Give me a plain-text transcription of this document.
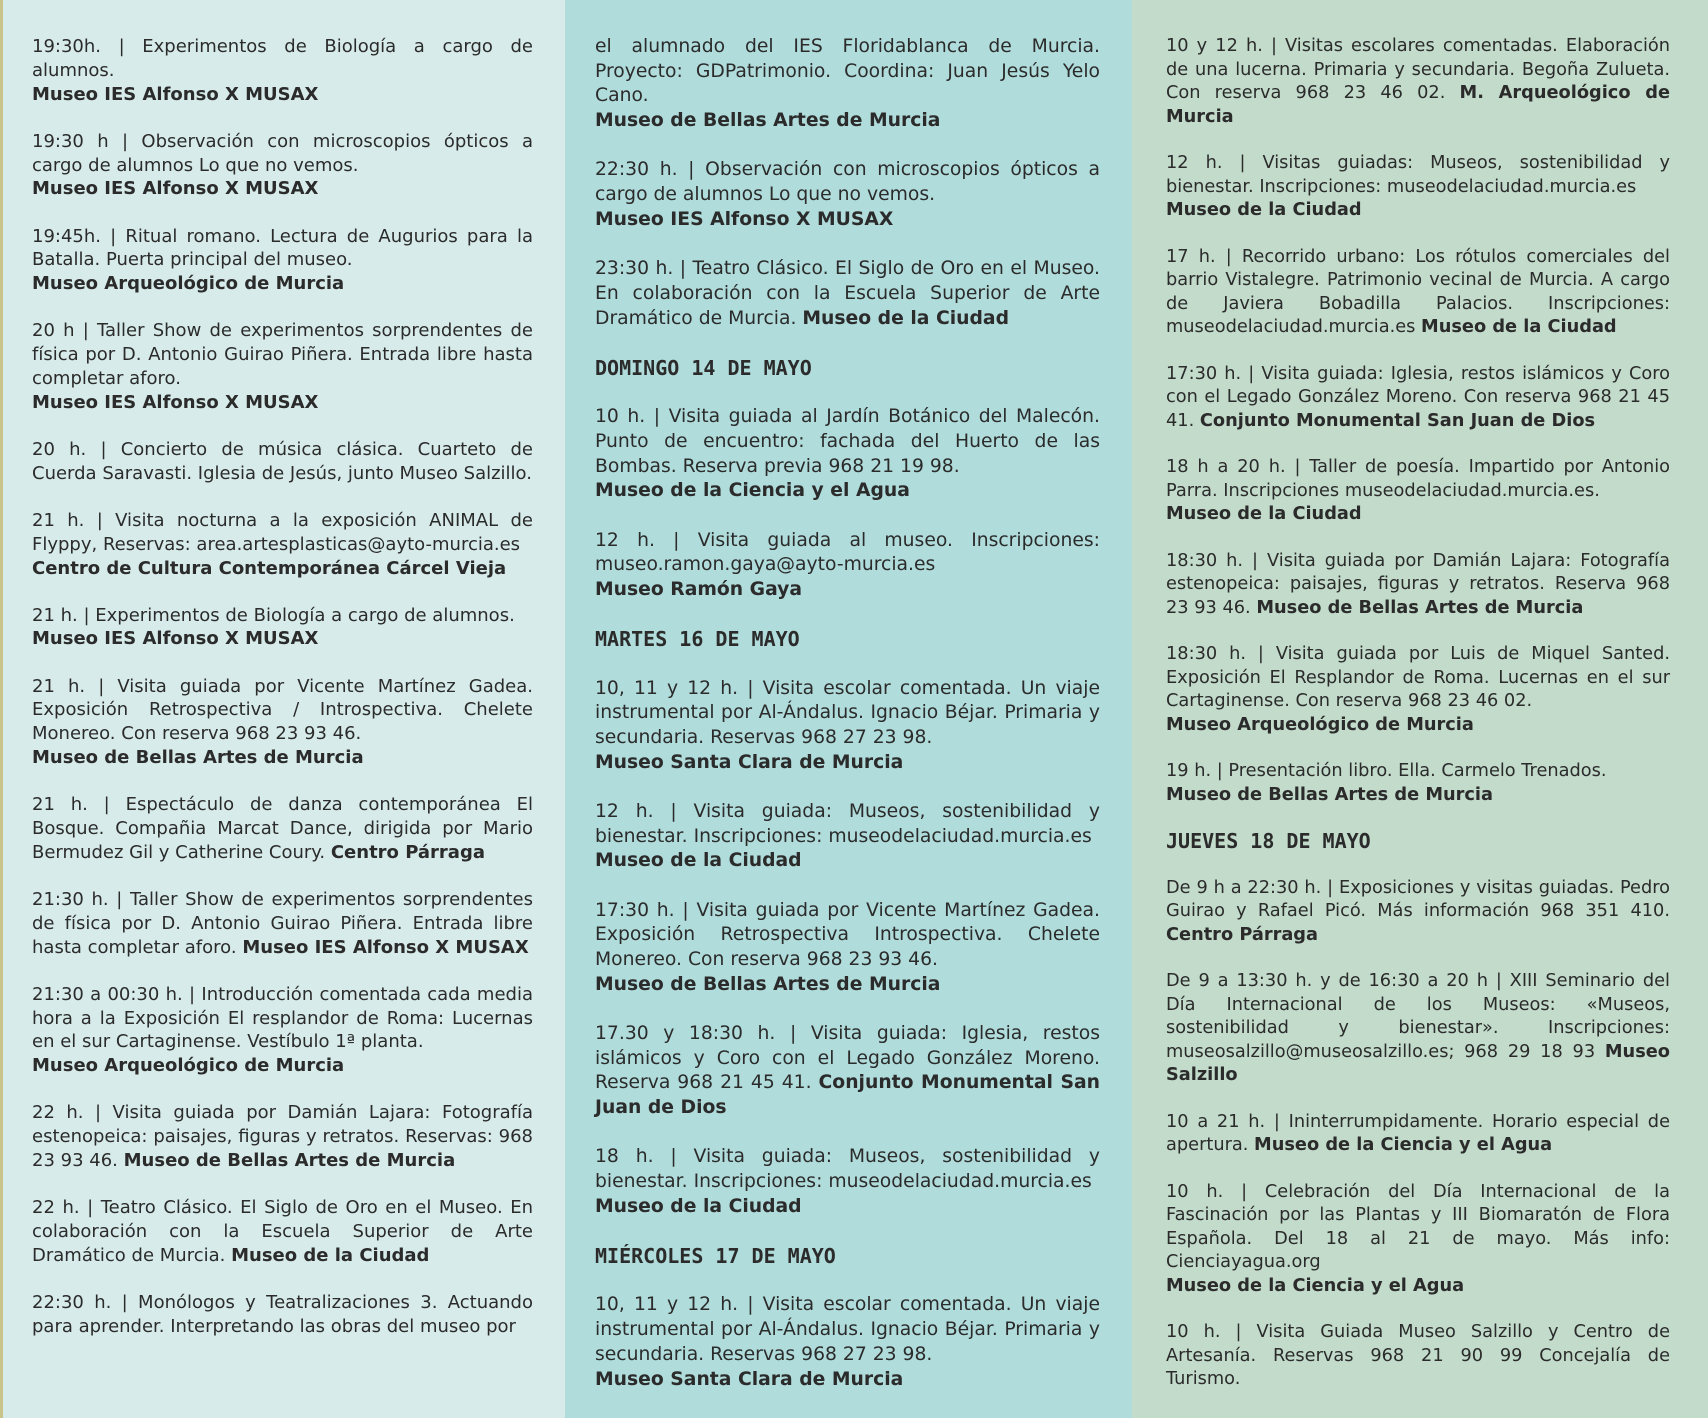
19:30h. | Experimentos de Biología a cargo de alumnos.
Museo IES Alfonso X MUSAX

19:30 h | Observación con microscopios ópticos a cargo de alumnos Lo que no vemos.
Museo IES Alfonso X MUSAX

19:45h. | Ritual romano. Lectura de Augurios para la Batalla. Puerta principal del museo.
Museo Arqueológico de Murcia

20 h | Taller Show de experimentos sorprendentes de física por D. Antonio Guirao Piñera. Entrada libre hasta completar aforo.
Museo IES Alfonso X MUSAX

20 h. | Concierto de música clásica. Cuarteto de Cuerda Saravasti. Iglesia de Jesús, junto Museo Salzillo.

21 h. | Visita nocturna a la exposición ANIMAL de Flyppy, Reservas: area.artesplasticas@ayto-murcia.es
Centro de Cultura Contemporánea Cárcel Vieja

21 h. | Experimentos de Biología a cargo de alumnos.
Museo IES Alfonso X MUSAX

21 h. | Visita guiada por Vicente Martínez Gadea. Exposición Retrospectiva / Introspectiva. Chelete Monereo. Con reserva 968 23 93 46.
Museo de Bellas Artes de Murcia

21 h. | Espectáculo de danza contemporánea El Bosque. Compañia Marcat Dance, dirigida por Mario Bermudez Gil y Catherine Coury. Centro Párraga

21:30 h. | Taller Show de experimentos sorprendentes de física por D. Antonio Guirao Piñera. Entrada libre hasta completar aforo. Museo IES Alfonso X MUSAX

21:30 a 00:30 h. | Introducción comentada cada media hora a la Exposición El resplandor de Roma: Lucernas en el sur Cartaginense. Vestíbulo 1ª planta.
Museo Arqueológico de Murcia

22 h. | Visita guiada por Damián Lajara: Fotografía estenopeica: paisajes, figuras y retratos. Reservas: 968 23 93 46. Museo de Bellas Artes de Murcia

22 h. | Teatro Clásico. El Siglo de Oro en el Museo. En colaboración con la Escuela Superior de Arte Dramático de Murcia. Museo de la Ciudad

22:30 h. | Monólogos y Teatralizaciones 3. Actuando para aprender. Interpretando las obras del museo por

el alumnado del IES Floridablanca de Murcia. Proyecto: GDPatrimonio. Coordina: Juan Jesús Yelo Cano.
Museo de Bellas Artes de Murcia

22:30 h. | Observación con microscopios ópticos a cargo de alumnos Lo que no vemos.
Museo IES Alfonso X MUSAX

23:30 h. | Teatro Clásico. El Siglo de Oro en el Museo. En colaboración con la Escuela Superior de Arte Dramático de Murcia. Museo de la Ciudad

DOMINGO 14 DE MAYO

10 h. | Visita guiada al Jardín Botánico del Malecón. Punto de encuentro: fachada del Huerto de las Bombas. Reserva previa 968 21 19 98.
Museo de la Ciencia y el Agua

12 h. | Visita guiada al museo. Inscripciones: museo.ramon.gaya@ayto-murcia.es
Museo Ramón Gaya

MARTES 16 DE MAYO

10, 11 y 12 h. | Visita escolar comentada. Un viaje instrumental por Al-Ándalus. Ignacio Béjar. Primaria y secundaria. Reservas 968 27 23 98.
Museo Santa Clara de Murcia

12 h. | Visita guiada: Museos, sostenibilidad y bienestar. Inscripciones: museodelaciudad.murcia.es
Museo de la Ciudad

17:30 h. | Visita guiada por Vicente Martínez Gadea. Exposición Retrospectiva Introspectiva. Chelete Monereo. Con reserva 968 23 93 46.
Museo de Bellas Artes de Murcia

17.30 y 18:30 h. | Visita guiada: Iglesia, restos islámicos y Coro con el Legado González Moreno. Reserva 968 21 45 41. Conjunto Monumental San Juan de Dios

18 h. | Visita guiada: Museos, sostenibilidad y bienestar. Inscripciones: museodelaciudad.murcia.es
Museo de la Ciudad

MIÉRCOLES 17 DE MAYO

10, 11 y 12 h. | Visita escolar comentada. Un viaje instrumental por Al-Ándalus. Ignacio Béjar. Primaria y secundaria. Reservas 968 27 23 98.
Museo Santa Clara de Murcia

10 y 12 h. | Visitas escolares comentadas. Elaboración de una lucerna. Primaria y secundaria. Begoña Zulueta. Con reserva 968 23 46 02. M. Arqueológico de Murcia

12 h. | Visitas guiadas: Museos, sostenibilidad y bienestar. Inscripciones: museodelaciudad.murcia.es
Museo de la Ciudad

17 h. | Recorrido urbano: Los rótulos comerciales del barrio Vistalegre. Patrimonio vecinal de Murcia. A cargo de Javiera Bobadilla Palacios. Inscripciones: museodelaciudad.murcia.es Museo de la Ciudad

17:30 h. | Visita guiada: Iglesia, restos islámicos y Coro con el Legado González Moreno. Con reserva 968 21 45 41. Conjunto Monumental San Juan de Dios

18 h a 20 h. | Taller de poesía. Impartido por Antonio Parra. Inscripciones museodelaciudad.murcia.es.
Museo de la Ciudad

18:30 h. | Visita guiada por Damián Lajara: Fotografía estenopeica: paisajes, figuras y retratos. Reserva 968 23 93 46. Museo de Bellas Artes de Murcia

18:30 h. | Visita guiada por Luis de Miquel Santed. Exposición El Resplandor de Roma. Lucernas en el sur Cartaginense. Con reserva 968 23 46 02.
Museo Arqueológico de Murcia

19 h. | Presentación libro. Ella. Carmelo Trenados.
Museo de Bellas Artes de Murcia

JUEVES 18 DE MAYO

De 9 h a 22:30 h. | Exposiciones y visitas guiadas. Pedro Guirao y Rafael Picó. Más información 968 351 410. Centro Párraga

De 9 a 13:30 h. y de 16:30 a 20 h | XIII Seminario del Día Internacional de los Museos: «Museos, sostenibilidad y bienestar». Inscripciones: museosalzillo@museosalzillo.es; 968 29 18 93 Museo Salzillo

10 a 21 h. | Ininterrumpidamente. Horario especial de apertura. Museo de la Ciencia y el Agua

10 h. | Celebración del Día Internacional de la Fascinación por las Plantas y III Biomaratón de Flora Española. Del 18 al 21 de mayo. Más info: Cienciayagua.org
Museo de la Ciencia y el Agua

10 h. | Visita Guiada Museo Salzillo y Centro de Artesanía. Reservas 968 21 90 99 Concejalía de Turismo.
